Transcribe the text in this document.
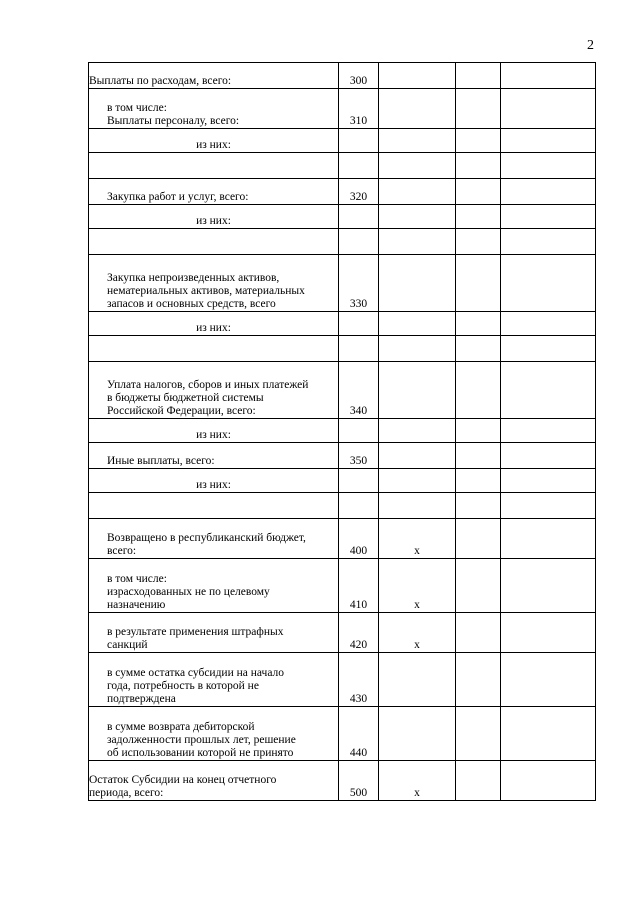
2
Выплаты по расходам, всего:	300			

в том числе:
Выплаты персоналу, всего:	310			

из них:				

Закупка работ и услуг, всего:	320			

из них:				

Закупка непроизведенных активов,
нематериальных активов, материальных
запасов и основных средств, всего	330			

из них:				

Уплата налогов, сборов и иных платежей
в бюджеты бюджетной системы
Российской Федерации, всего:	340			

из них:				

Иные выплаты, всего:	350			

из них:				

Возвращено в республиканский бюджет,
всего:	400	x		

в том числе:
израсходованных не по целевому
назначению	410	x		

в результате применения штрафных
санкций	420	x		

в сумме остатка субсидии на начало
года, потребность в которой не
подтверждена	430			

в сумме возврата дебиторской
задолженности прошлых лет, решение
об использовании которой не принято	440			

Остаток Субсидии на конец отчетного
периода, всего:	500	x		
